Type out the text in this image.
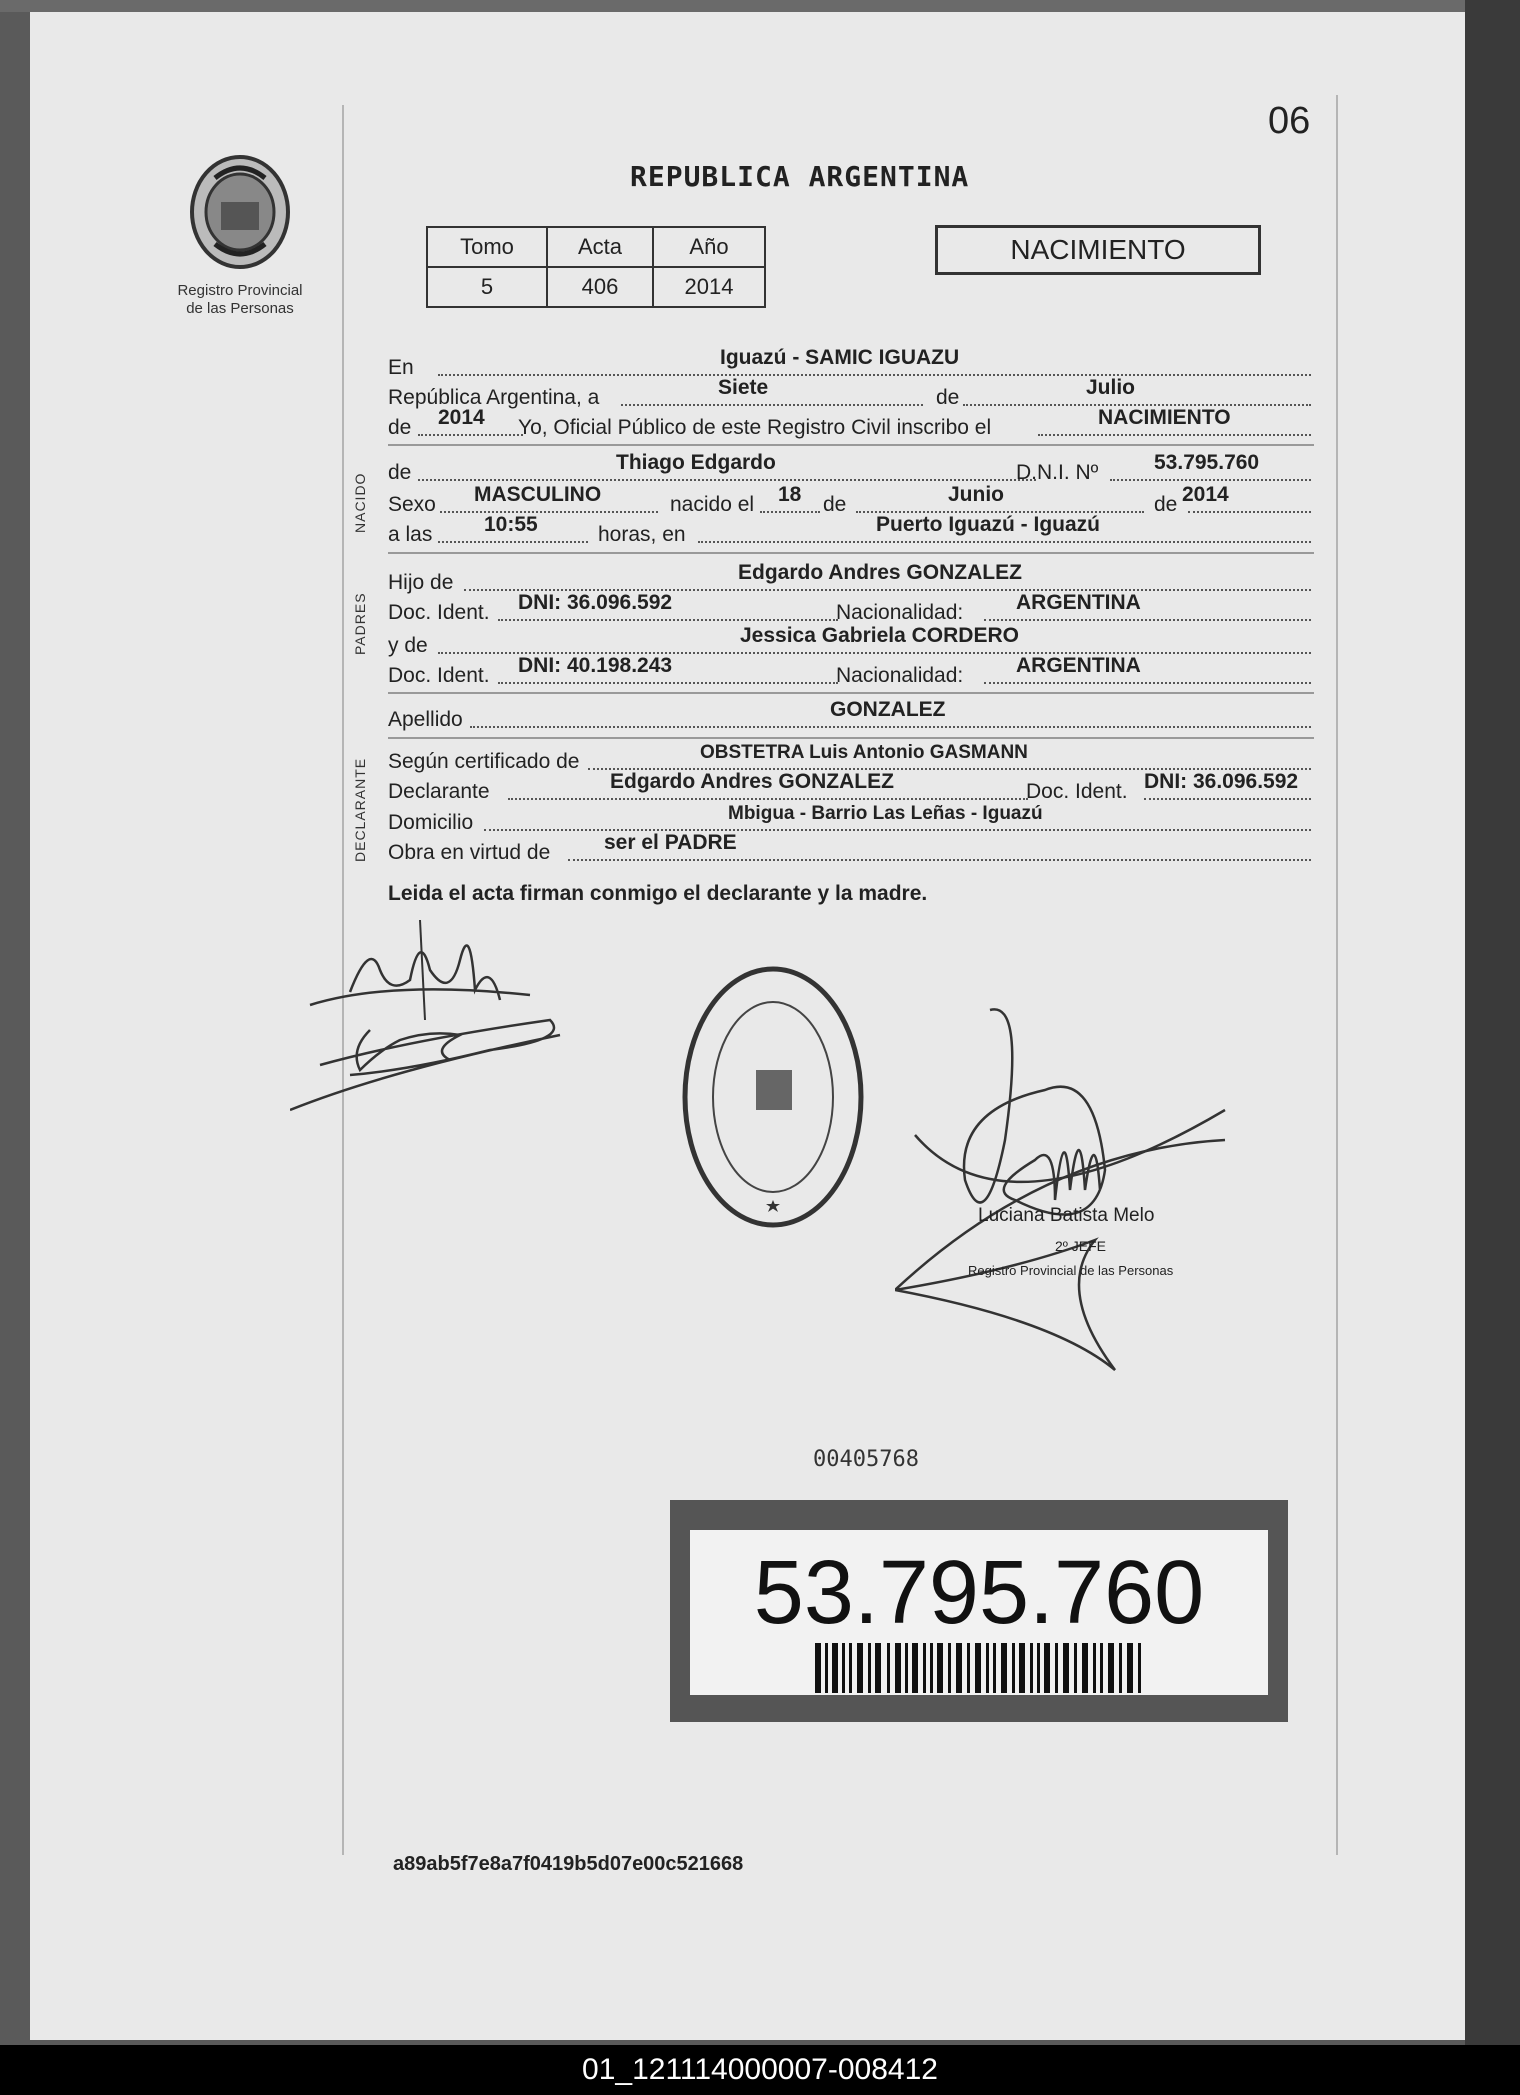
06
Registro Provincial
de las Personas
REPUBLICA ARGENTINA
Tomo	Acta	Año
5	406	2014
NACIMIENTO
En	Iguazú - SAMIC IGUAZU
República Argentina, a	Siete	de	Julio
de 2014 Yo, Oficial Público de este Registro Civil inscribo el	NACIMIENTO
NACIDO
de	Thiago Edgardo	D.N.I. Nº	53.795.760
Sexo MASCULINO	nacido el 18 de	Junio	de 2014
a las 10:55	horas, en	Puerto Iguazú - Iguazú
PADRES
Hijo de	Edgardo Andres GONZALEZ
Doc. Ident. DNI: 36.096.592	Nacionalidad:	ARGENTINA
y de	Jessica Gabriela CORDERO
Doc. Ident. DNI: 40.198.243	Nacionalidad:	ARGENTINA
Apellido	GONZALEZ
DECLARANTE Según certificado de	OBSTETRA Luis Antonio GASMANN
Declarante	Edgardo Andres GONZALEZ	Doc. Ident. DNI: 36.096.592
Domicilio	Mbigua - Barrio Las Leñas - Iguazú
Obra en virtud de	ser el PADRE
Leida el acta firman conmigo el declarante y la madre.
Luciana Batista Melo
2º JEFE
Registro Provincial de las Personas
00405768
53.795.760
a89ab5f7e8a7f0419b5d07e00c521668
01_121114000007-008412
